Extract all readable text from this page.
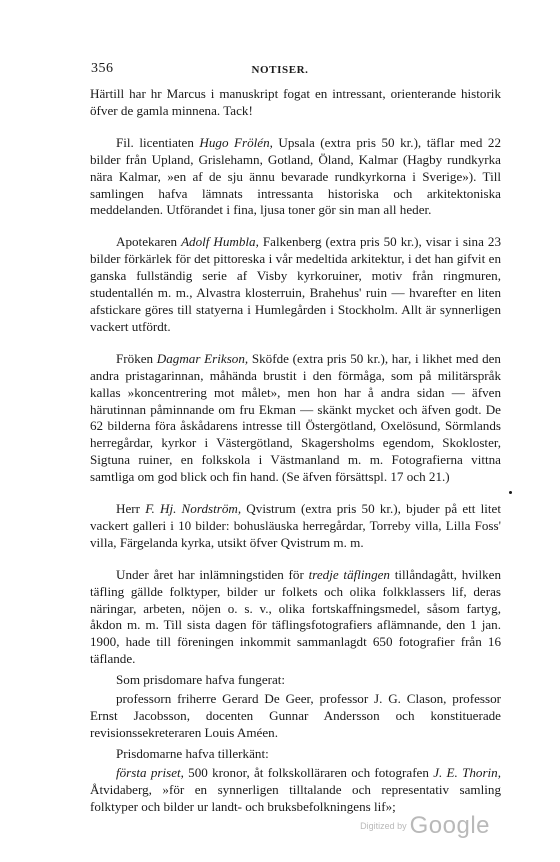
356	NOTISER.

Härtill har hr Marcus i manuskript fogat en intressant, orienterande historik öfver de gamla minnena. Tack!

Fil. licentiaten Hugo Frölén, Upsala (extra pris 50 kr.), täflar med 22 bilder från Upland, Grislehamn, Gotland, Öland, Kalmar (Hagby rundkyrka nära Kalmar, »en af de sju ännu bevarade rundkyrkorna i Sverige»). Till samlingen hafva lämnats intressanta historiska och arkitektoniska meddelanden. Utförandet i fina, ljusa toner gör sin man all heder.

Apotekaren Adolf Humbla, Falkenberg (extra pris 50 kr.), visar i sina 23 bilder förkärlek för det pittoreska i vår medeltida arkitektur, i det han gifvit en ganska fullständig serie af Visby kyrkoruiner, motiv från ringmuren, studentallén m. m., Alvastra klosterruin, Brahehus' ruin — hvarefter en liten afstickare göres till statyerna i Humlegården i Stockholm. Allt är synnerligen vackert utfördt.

Fröken Dagmar Erikson, Sköfde (extra pris 50 kr.), har, i likhet med den andra pristagarinnan, måhända brustit i den förmåga, som på militärspråk kallas »koncentrering mot målet», men hon har å andra sidan — äfven härutinnan påminnande om fru Ekman — skänkt mycket och äfven godt. De 62 bilderna föra åskådarens intresse till Östergötland, Oxelösund, Sörmlands herregårdar, kyrkor i Västergötland, Skagersholms egendom, Skokloster, Sigtuna ruiner, en folkskola i Västmanland m. m. Fotografierna vittna samtliga om god blick och fin hand. (Se äfven försättspl. 17 och 21.)

Herr F. Hj. Nordström, Qvistrum (extra pris 50 kr.), bjuder på ett litet vackert galleri i 10 bilder: bohusläuska herregårdar, Torreby villa, Lilla Foss' villa, Färgelanda kyrka, utsikt öfver Qvistrum m. m.

Under året har inlämningstiden för tredje täflingen tillåndagått, hvilken täfling gällde folktyper, bilder ur folkets och olika folkklassers lif, deras näringar, arbeten, nöjen o. s. v., olika fortskaffningsmedel, såsom fartyg, åkdon m. m. Till sista dagen för täflingsfotografiers aflämnande, den 1 jan. 1900, hade till föreningen inkommit sammanlagdt 650 fotografier från 16 täflande.

Som prisdomare hafva fungerat:

professorn friherre Gerard De Geer, professor J. G. Clason, professor Ernst Jacobsson, docenten Gunnar Andersson och konstituerade revisionssekreteraren Louis Améen.

Prisdomarne hafva tillerkänt:

första priset, 500 kronor, åt folkskolläraren och fotografen J. E. Thorin, Åtvidaberg, »för en synnerligen tilltalande och representativ samling folktyper och bilder ur landt- och bruksbefolkningens lif»;

$^{Digitized by}$ Google
